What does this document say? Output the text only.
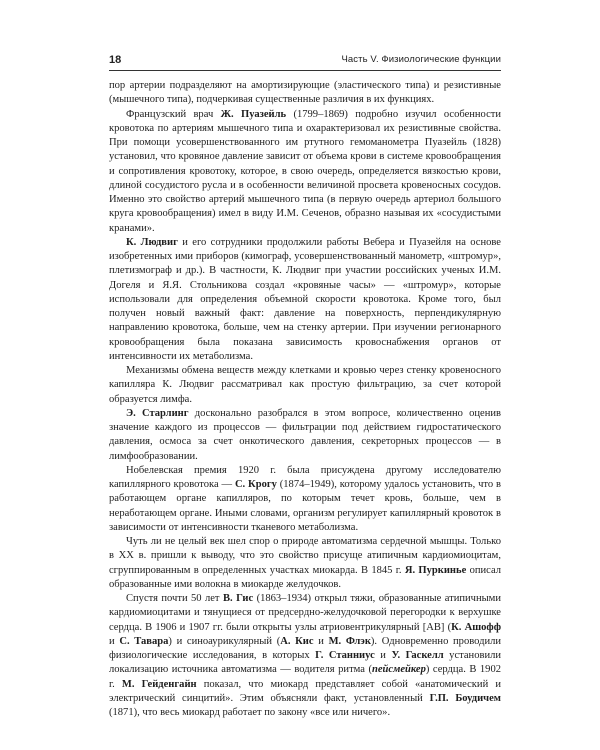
18	Часть V. Физиологические функции

пор артерии подразделяют на амортизирующие (эластического типа) и резистивные (мышечного типа), подчеркивая существенные различия в их функциях.

Французский врач Ж. Пуазейль (1799–1869) подробно изучил особенности кровотока по артериям мышечного типа и охарактеризовал их резистивные свойства. При помощи усовершенствованного им ртутного гемоманометра Пуазейль (1828) установил, что кровяное давление зависит от объема крови в системе кровообращения и сопротивления кровотоку, которое, в свою очередь, определяется вязкостью крови, длиной сосудистого русла и в особенности величиной просвета кровеносных сосудов. Именно это свойство артерий мышечного типа (в первую очередь артериол большого круга кровообращения) имел в виду И.М. Сеченов, образно называя их «сосудистыми кранами».

К. Людвиг и его сотрудники продолжили работы Вебера и Пуазейля на основе изобретенных ими приборов (кимограф, усовершенствованный манометр, «штромур», плетизмограф и др.). В частности, К. Людвиг при участии российских ученых И.М. Догеля и Я.Я. Стольникова создал «кровяные часы» — «штромур», которые использовали для определения объемной скорости кровотока. Кроме того, был получен новый важный факт: давление на поверхность, перпендикулярную направлению кровотока, больше, чем на стенку артерии. При изучении регионарного кровообращения была показана зависимость кровоснабжения органов от интенсивности их метаболизма.

Механизмы обмена веществ между клетками и кровью через стенку кровеносного капилляра К. Людвиг рассматривал как простую фильтрацию, за счет которой образуется лимфа.

Э. Старлинг досконально разобрался в этом вопросе, количественно оценив значение каждого из процессов — фильтрации под действием гидростатического давления, осмоса за счет онкотического давления, секреторных процессов — в лимфообразовании.

Нобелевская премия 1920 г. была присуждена другому исследователю капиллярного кровотока — С. Крогу (1874–1949), которому удалось установить, что в работающем органе капилляров, по которым течет кровь, больше, чем в неработающем органе. Иными словами, организм регулирует капиллярный кровоток в зависимости от интенсивности тканевого метаболизма.

Чуть ли не целый век шел спор о природе автоматизма сердечной мышцы. Только в XX в. пришли к выводу, что это свойство присуще атипичным кардиомиоцитам, сгруппированным в определенных участках миокарда. В 1845 г. Я. Пуркинье описал образованные ими волокна в миокарде желудочков.

Спустя почти 50 лет В. Гис (1863–1934) открыл тяжи, образованные атипичными кардиомиоцитами и тянущиеся от предсердно-желудочковой перегородки к верхушке сердца. В 1906 и 1907 гг. были открыты узлы атриовентрикулярный [АВ] (К. Ашофф и С. Тавара) и синоаурикулярный (А. Кис и М. Флэк). Одновременно проводили физиологические исследования, в которых Г. Станниус и У. Гаскелл установили локализацию источника автоматизма — водителя ритма (пейсмейкер) сердца. В 1902 г. М. Гейденгайн показал, что миокард представляет собой «анатомический и электрический синцитий». Этим объясняли факт, установленный Г.П. Боудичем (1871), что весь миокард работает по закону «все или ничего».
